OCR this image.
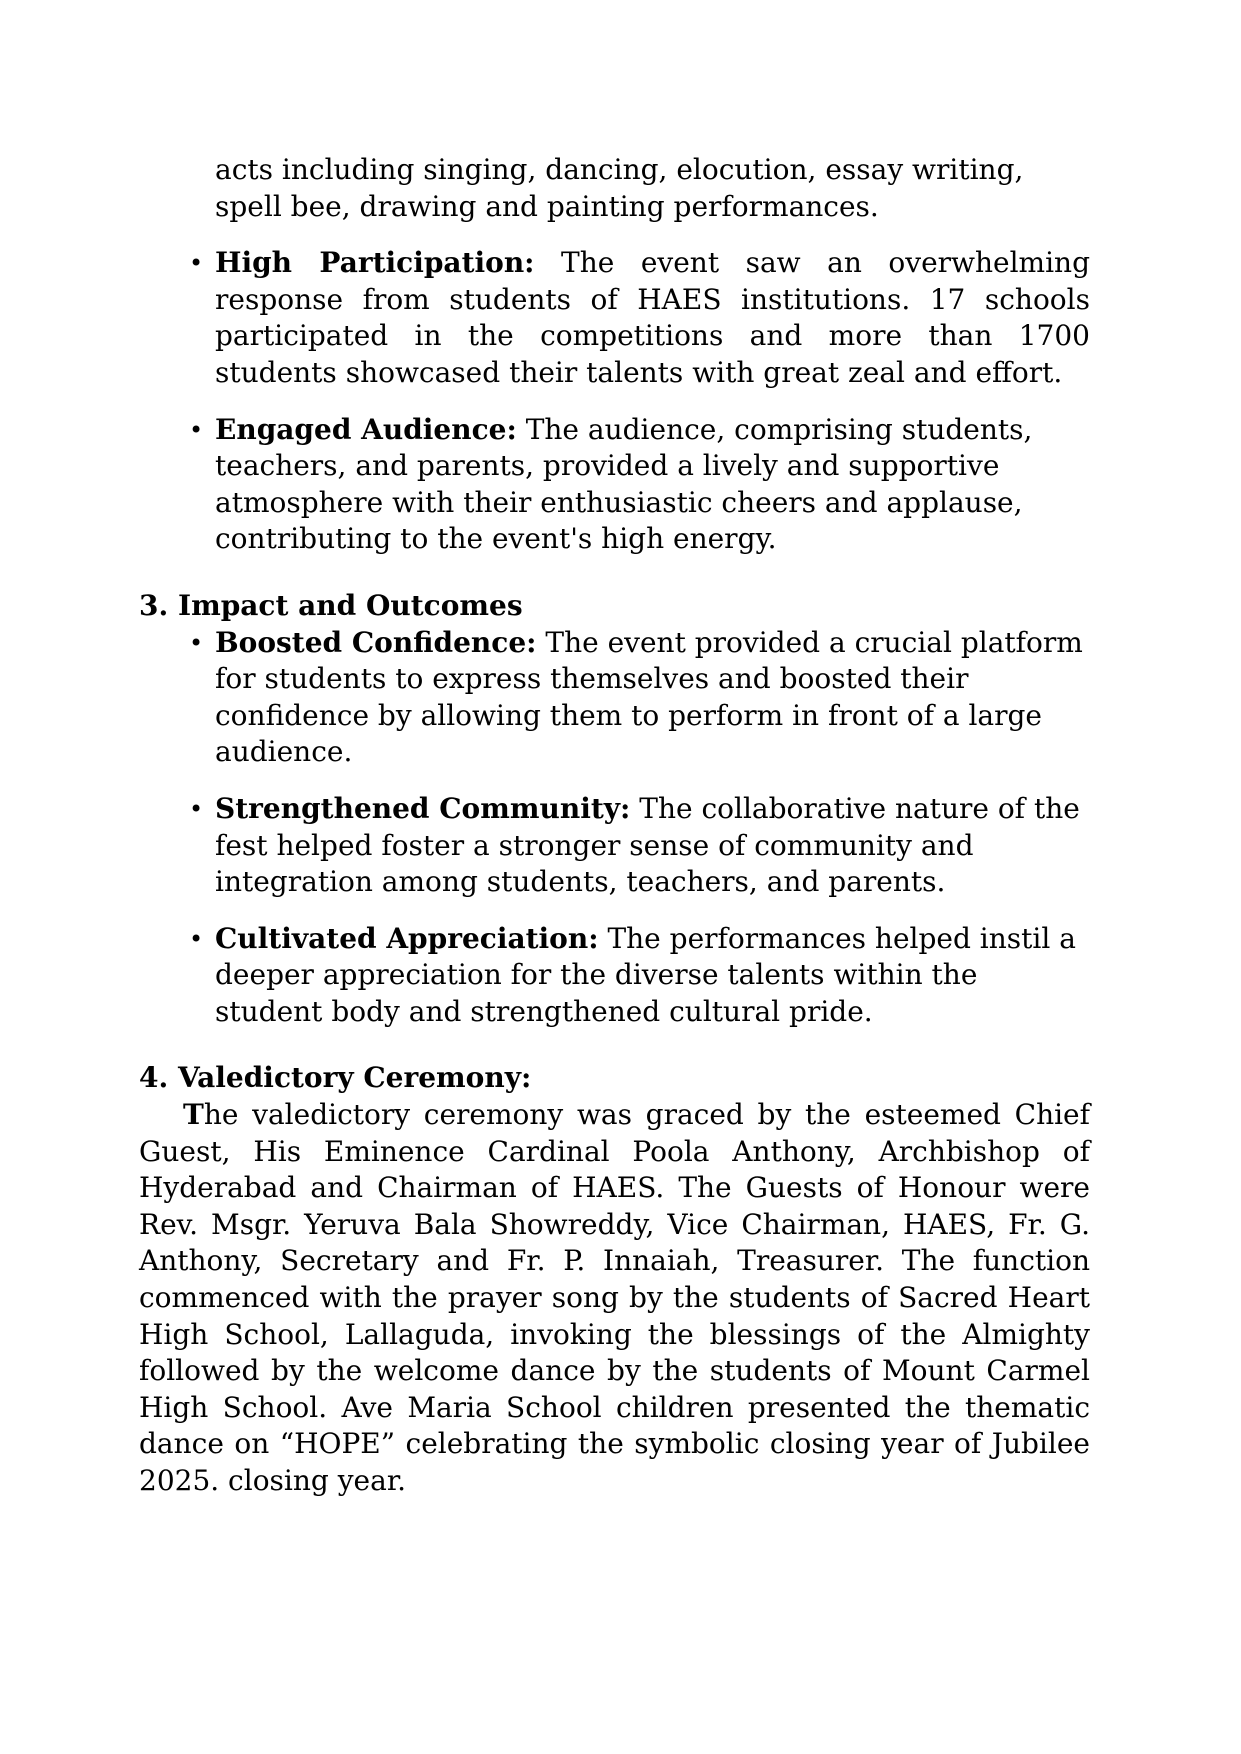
acts including singing, dancing, elocution, essay writing, spell bee, drawing and painting performances.

• High Participation: The event saw an overwhelming response from students of HAES institutions. 17 schools participated in the competitions and more than 1700 students showcased their talents with great zeal and effort.

• Engaged Audience: The audience, comprising students, teachers, and parents, provided a lively and supportive atmosphere with their enthusiastic cheers and applause, contributing to the event's high energy.

3. Impact and Outcomes
• Boosted Confidence: The event provided a crucial platform for students to express themselves and boosted their confidence by allowing them to perform in front of a large audience.

• Strengthened Community: The collaborative nature of the fest helped foster a stronger sense of community and integration among students, teachers, and parents.

• Cultivated Appreciation: The performances helped instil a deeper appreciation for the diverse talents within the student body and strengthened cultural pride.

4. Valedictory Ceremony:

The valedictory ceremony was graced by the esteemed Chief Guest, His Eminence Cardinal Poola Anthony, Archbishop of Hyderabad and Chairman of HAES. The Guests of Honour were Rev. Msgr. Yeruva Bala Showreddy, Vice Chairman, HAES, Fr. G. Anthony, Secretary and Fr. P. Innaiah, Treasurer. The function commenced with the prayer song by the students of Sacred Heart High School, Lallaguda, invoking the blessings of the Almighty followed by the welcome dance by the students of Mount Carmel High School. Ave Maria School children presented the thematic dance on “HOPE” celebrating the symbolic closing year of Jubilee 2025. closing year.
